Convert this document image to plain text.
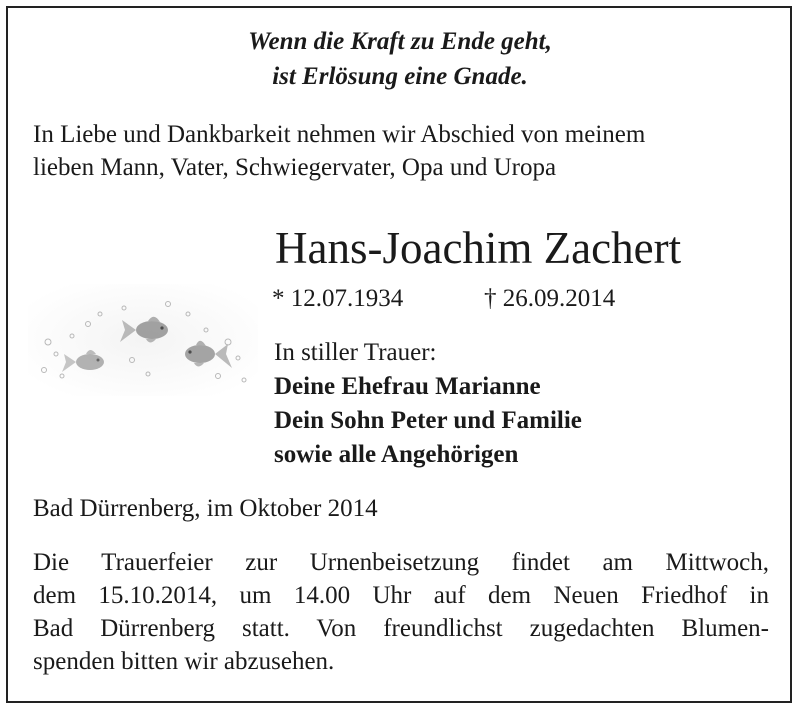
Wenn die Kraft zu Ende geht,
ist Erlösung eine Gnade.
In Liebe und Dankbarkeit nehmen wir Abschied von meinem
lieben Mann, Vater, Schwiegervater, Opa und Uropa
Hans-Joachim Zachert
* 12.07.1934	† 26.09.2014
In stiller Trauer:
Deine Ehefrau Marianne
Dein Sohn Peter und Familie
sowie alle Angehörigen
Bad Dürrenberg, im Oktober 2014
Die Trauerfeier zur Urnenbeisetzung findet am Mittwoch,
dem 15.10.2014, um 14.00 Uhr auf dem Neuen Friedhof in
Bad Dürrenberg statt. Von freundlichst zugedachten Blumen-
spenden bitten wir abzusehen.
